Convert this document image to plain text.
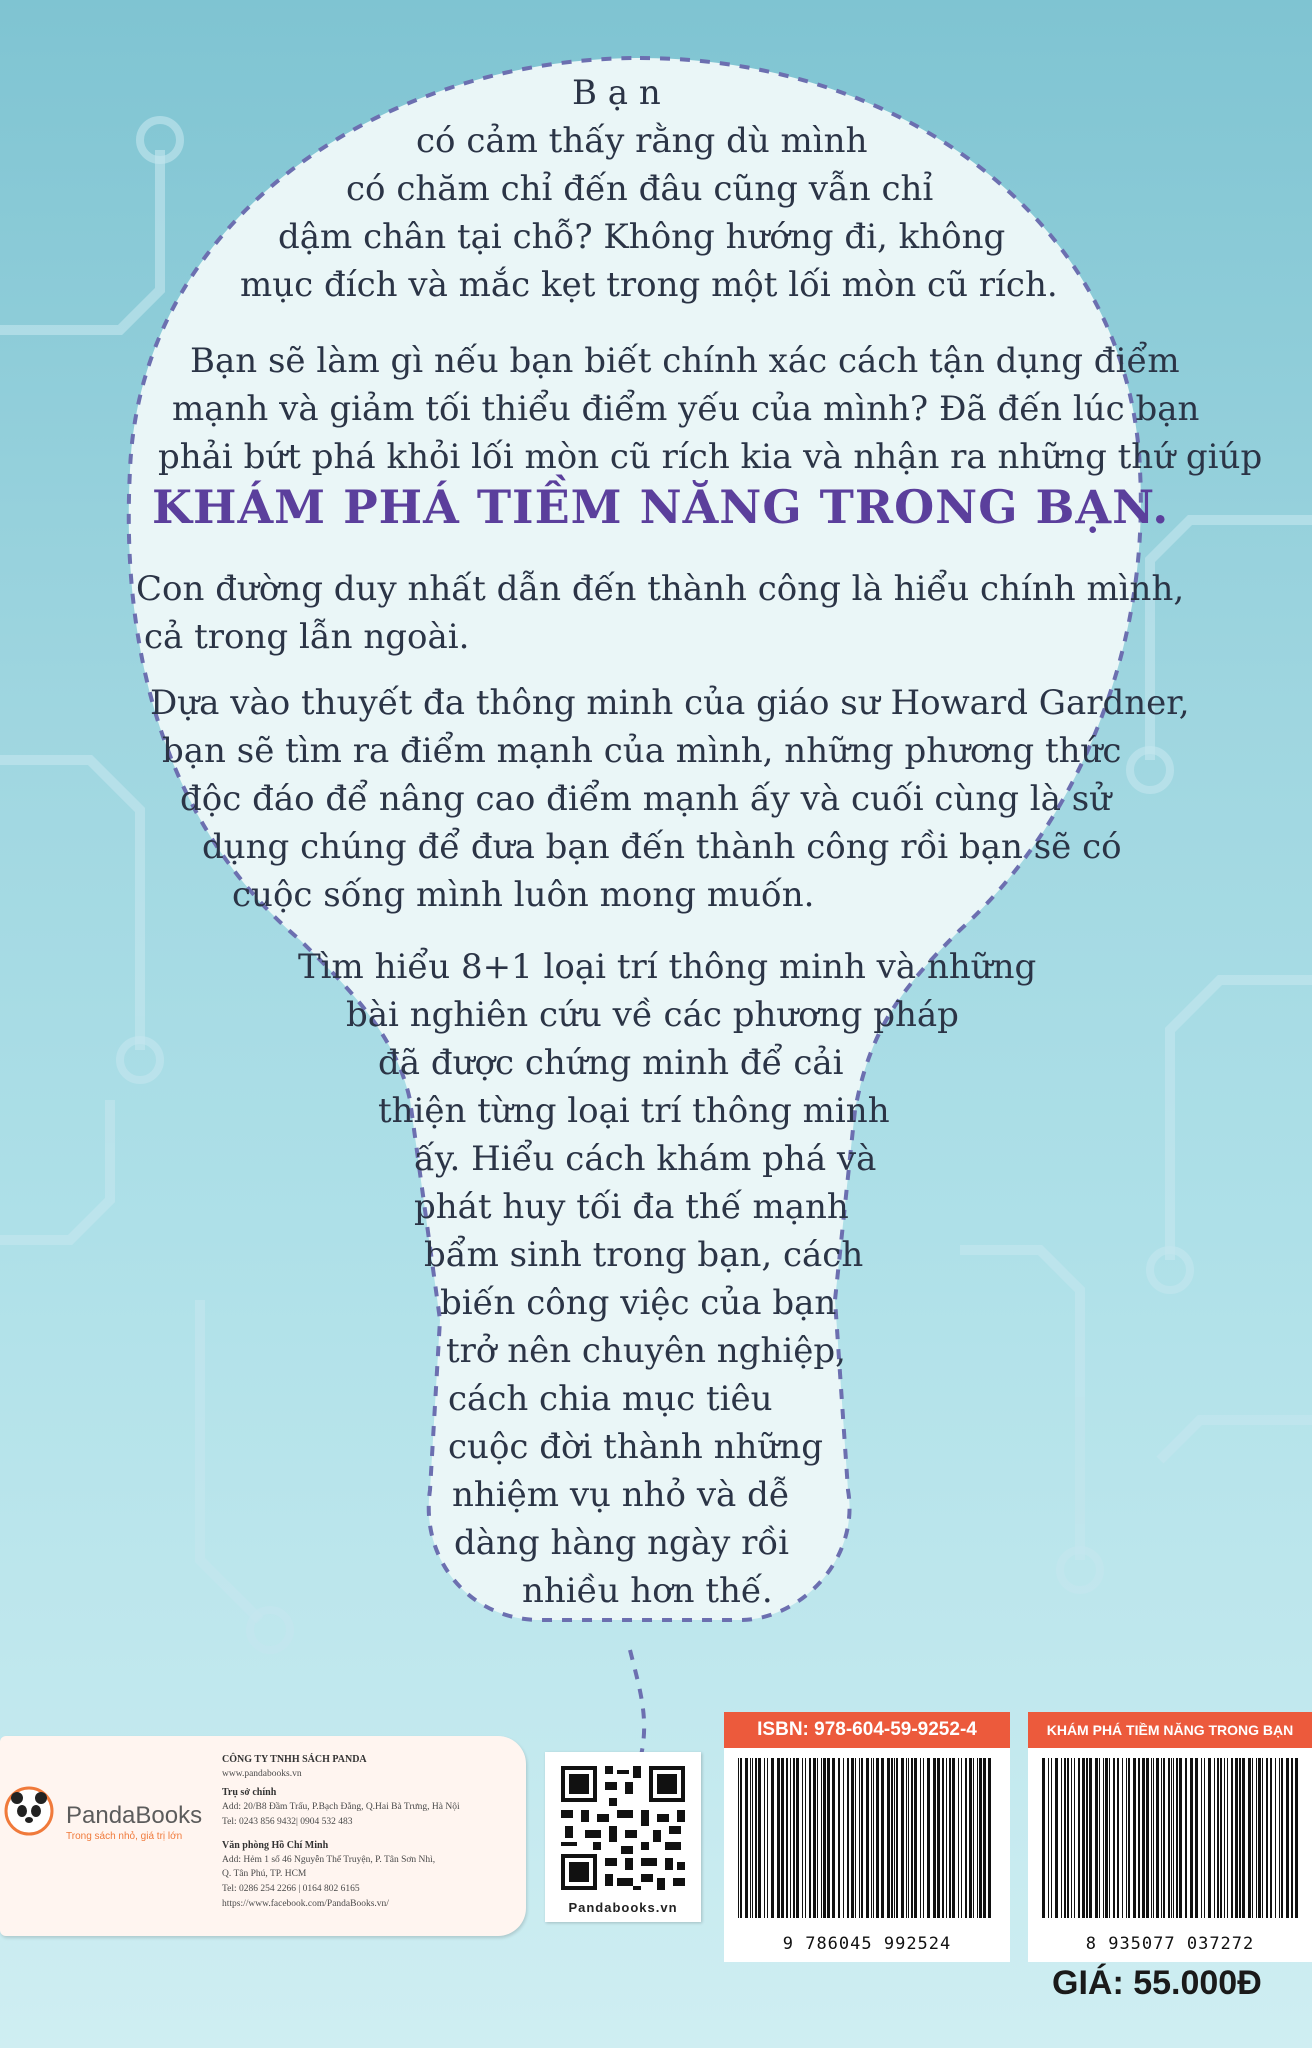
B ạ n
có cảm thấy rằng dù mình
có chăm chỉ đến đâu cũng vẫn chỉ
dậm chân tại chỗ? Không hướng đi, không
mục đích và mắc kẹt trong một lối mòn cũ rích.
Bạn sẽ làm gì nếu bạn biết chính xác cách tận dụng điểm
mạnh và giảm tối thiểu điểm yếu của mình? Đã đến lúc bạn
phải bứt phá khỏi lối mòn cũ rích kia và nhận ra những thứ giúp
KHÁM PHÁ TIỀM NĂNG TRONG BẠN.
Con đường duy nhất dẫn đến thành công là hiểu chính mình,
cả trong lẫn ngoài.
Dựa vào thuyết đa thông minh của giáo sư Howard Gardner,
bạn sẽ tìm ra điểm mạnh của mình, những phương thức
độc đáo để nâng cao điểm mạnh ấy và cuối cùng là sử
dụng chúng để đưa bạn đến thành công rồi bạn sẽ có
cuộc sống mình luôn mong muốn.
Tìm hiểu 8+1 loại trí thông minh và những
bài nghiên cứu về các phương pháp
đã được chứng minh để cải
thiện từng loại trí thông minh
ấy. Hiểu cách khám phá và
phát huy tối đa thế mạnh
bẩm sinh trong bạn, cách
biến công việc của bạn
trở nên chuyên nghiệp,
cách chia mục tiêu
cuộc đời thành những
nhiệm vụ nhỏ và dễ
dàng hàng ngày rồi
nhiều hơn thế.
PandaBooks
Trong sách nhỏ, giá trị lớn
CÔNG TY TNHH SÁCH PANDA
www.pandabooks.vn
Trụ sở chính
Add: 20/B8 Đầm Trấu, P.Bạch Đằng, Q.Hai Bà Trưng, Hà Nội
Tel: 0243 856 9432| 0904 532 483
Văn phòng Hồ Chí Minh
Add: Hẻm 1 số 46 Nguyễn Thế Truyện, P. Tân Sơn Nhì,
Q. Tân Phú, TP. HCM
Tel: 0286 254 2266 | 0164 802 6165
https://www.facebook.com/PandaBooks.vn/	Pandabooks.vn
ISBN: 978-604-59-9252-4
9 786045 992524
KHÁM PHÁ TIỀM NĂNG TRONG BẠN
8 935077 037272
GIÁ: 55.000Đ
